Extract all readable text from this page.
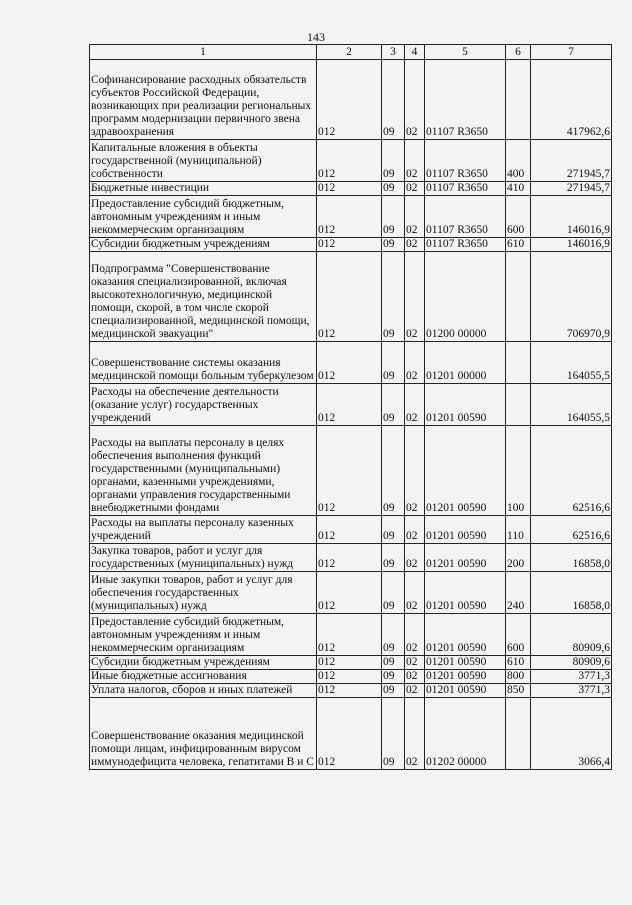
143
1	2	3	4	5	6	7
Софинансирование расходных обязательств субъектов Российской Федерации, возникающих при реализации региональных программ модернизации первичного звена здравоохранения	012	09	02	01107 R3650		417962,6
Капитальные вложения в объекты государственной (муниципальной) собственности	012	09	02	01107 R3650	400	271945,7
Бюджетные инвестиции	012	09	02	01107 R3650	410	271945,7
Предоставление субсидий бюджетным, автономным учреждениям и иным некоммерческим организациям	012	09	02	01107 R3650	600	146016,9
Субсидии бюджетным учреждениям	012	09	02	01107 R3650	610	146016,9
Подпрограмма "Совершенствование оказания специализированной, включая высокотехнологичную, медицинской помощи, скорой, в том числе скорой специализированной, медицинской помощи, медицинской эвакуации"	012	09	02	01200 00000		706970,9
Совершенствование системы оказания медицинской помощи больным туберкулезом	012	09	02	01201 00000		164055,5
Расходы на обеспечение деятельности (оказание услуг) государственных учреждений	012	09	02	01201 00590		164055,5
Расходы на выплаты персоналу в целях обеспечения выполнения функций государственными (муниципальными) органами, казенными учреждениями, органами управления государственными внебюджетными фондами	012	09	02	01201 00590	100	62516,6
Расходы на выплаты персоналу казенных учреждений	012	09	02	01201 00590	110	62516,6
Закупка товаров, работ и услуг для государственных (муниципальных) нужд	012	09	02	01201 00590	200	16858,0
Иные закупки товаров, работ и услуг для обеспечения государственных (муниципальных) нужд	012	09	02	01201 00590	240	16858,0
Предоставление субсидий бюджетным, автономным учреждениям и иным некоммерческим организациям	012	09	02	01201 00590	600	80909,6
Субсидии бюджетным учреждениям	012	09	02	01201 00590	610	80909,6
Иные бюджетные ассигнования	012	09	02	01201 00590	800	3771,3
Уплата налогов, сборов и иных платежей	012	09	02	01201 00590	850	3771,3
Совершенствование оказания медицинской помощи лицам, инфицированным вирусом иммунодефицита человека, гепатитами В и С	012	09	02	01202 00000		3066,4
